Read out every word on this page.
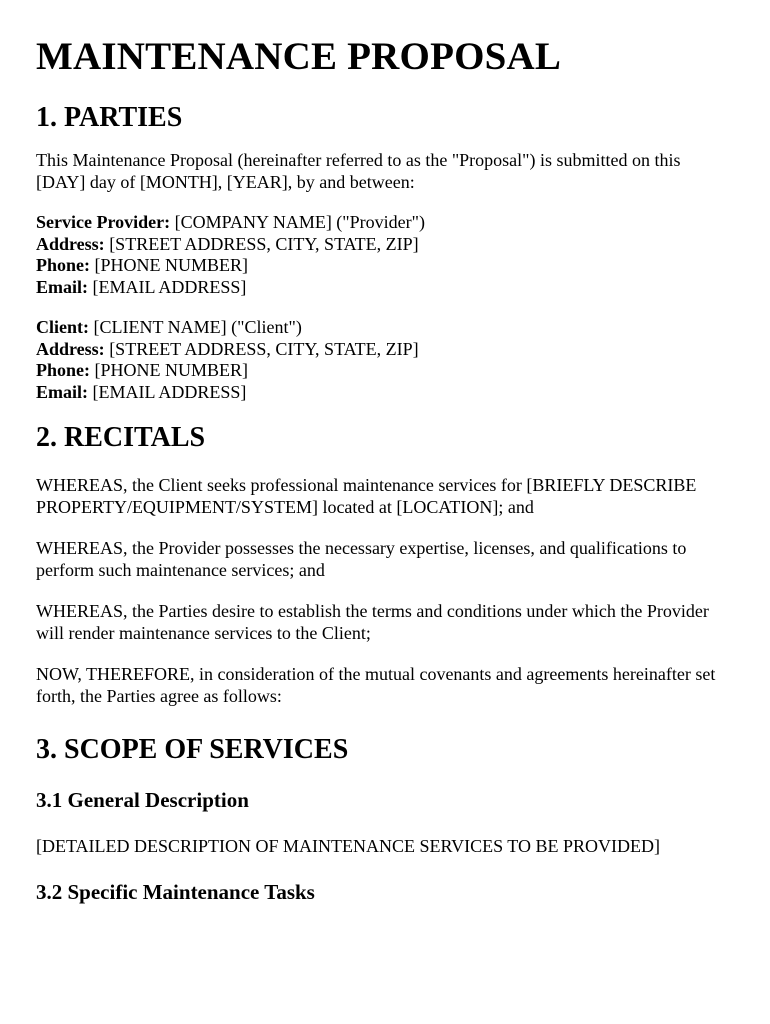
MAINTENANCE PROPOSAL
1. PARTIES

This Maintenance Proposal (hereinafter referred to as the "Proposal") is submitted on this [DAY] day of [MONTH], [YEAR], by and between:

Service Provider: [COMPANY NAME] ("Provider")
Address: [STREET ADDRESS, CITY, STATE, ZIP]
Phone: [PHONE NUMBER]
Email: [EMAIL ADDRESS]
Client: [CLIENT NAME] ("Client")
Address: [STREET ADDRESS, CITY, STATE, ZIP]
Phone: [PHONE NUMBER]
Email: [EMAIL ADDRESS]
2. RECITALS

WHEREAS, the Client seeks professional maintenance services for [BRIEFLY DESCRIBE PROPERTY/EQUIPMENT/SYSTEM] located at [LOCATION]; and

WHEREAS, the Provider possesses the necessary expertise, licenses, and qualifications to perform such maintenance services; and

WHEREAS, the Parties desire to establish the terms and conditions under which the Provider will render maintenance services to the Client;

NOW, THEREFORE, in consideration of the mutual covenants and agreements hereinafter set forth, the Parties agree as follows:

3. SCOPE OF SERVICES
3.1 General Description

[DETAILED DESCRIPTION OF MAINTENANCE SERVICES TO BE PROVIDED]

3.2 Specific Maintenance Tasks
